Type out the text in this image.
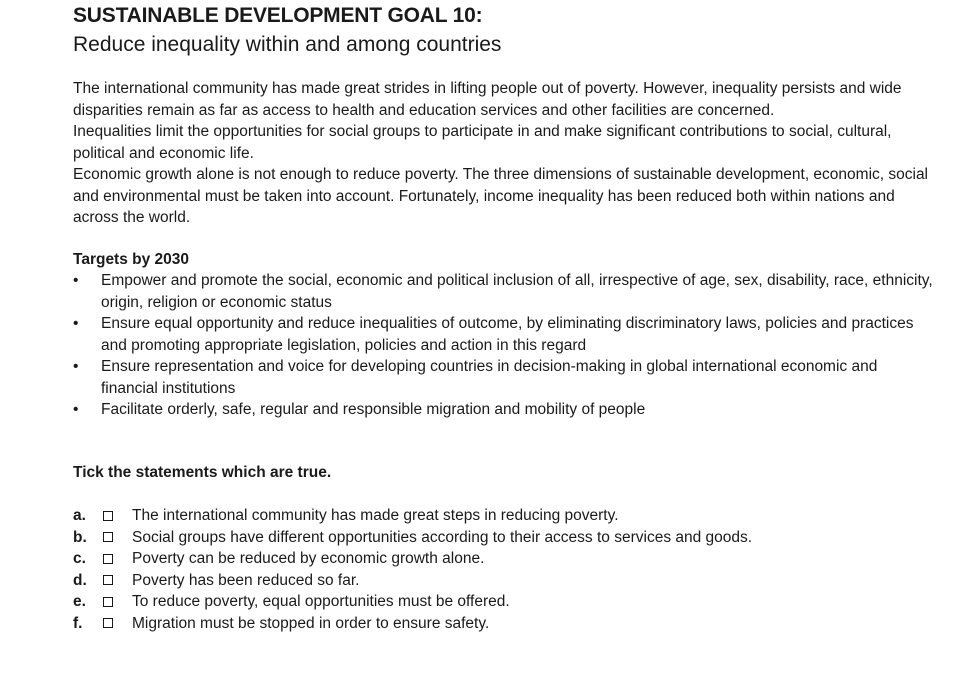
SUSTAINABLE DEVELOPMENT GOAL 10:
Reduce inequality within and among countries

The international community has made great strides in lifting people out of poverty. However, inequality persists and wide disparities remain as far as access to health and education services and other facilities are concerned.

Inequalities limit the opportunities for social groups to participate in and make significant contributions to social, cultural, political and economic life.

Economic growth alone is not enough to reduce poverty. The three dimensions of sustainable development, economic, social and environmental must be taken into account. Fortunately, income inequality has been reduced both within nations and across the world.

Targets by 2030

• Empower and promote the social, economic and political inclusion of all, irrespective of age, sex, disability, race, ethnicity, origin, religion or economic status
• Ensure equal opportunity and reduce inequalities of outcome, by eliminating discriminatory laws, policies and practices and promoting appropriate legislation, policies and action in this regard
• Ensure representation and voice for developing countries in decision-making in global international economic and financial institutions
• Facilitate orderly, safe, regular and responsible migration and mobility of people

Tick the statements which are true.

a.	The international community has made great steps in reducing poverty.
b.	Social groups have different opportunities according to their access to services and goods.
c.	Poverty can be reduced by economic growth alone.
d.	Poverty has been reduced so far.
e.	To reduce poverty, equal opportunities must be offered.
f.	Migration must be stopped in order to ensure safety.
